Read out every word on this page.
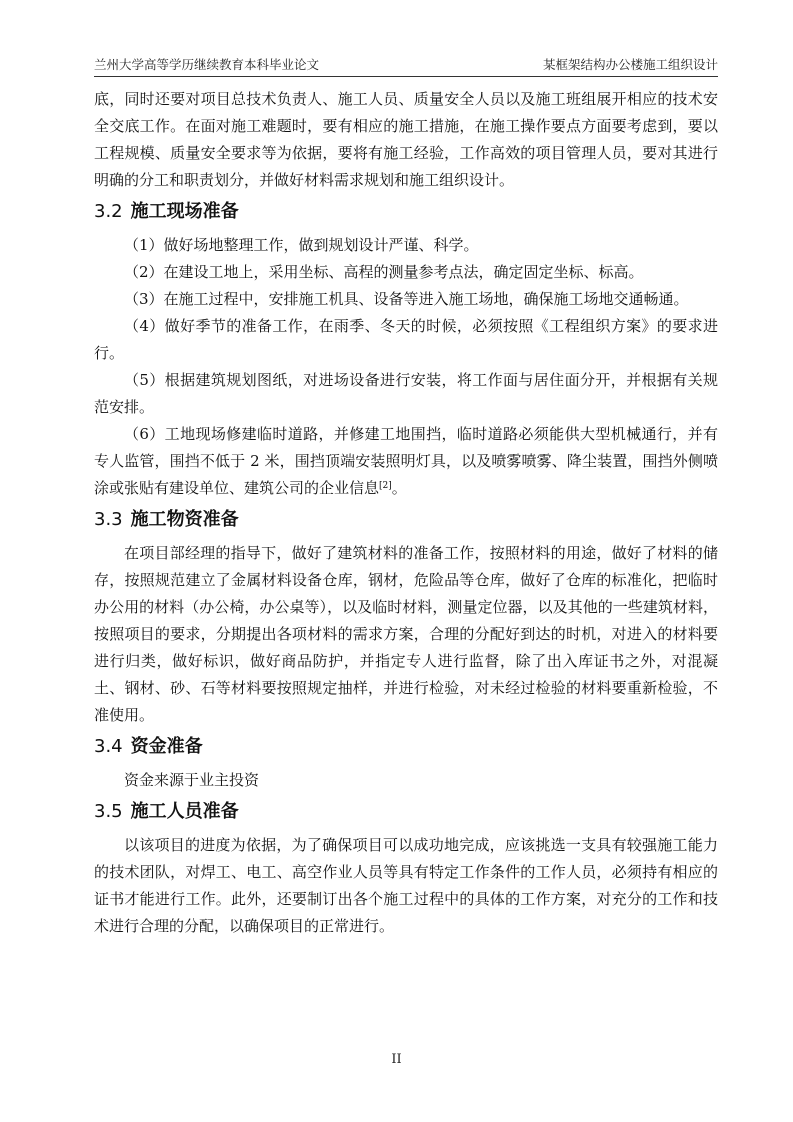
兰州大学高等学历继续教育本科毕业论文	某框架结构办公楼施工组织设计

底，同时还要对项目总技术负责人、施工人员、质量安全人员以及施工班组展开相应的技术安全交底工作。在面对施工难题时，要有相应的施工措施，在施工操作要点方面要考虑到，要以工程规模、质量安全要求等为依据，要将有施工经验，工作高效的项目管理人员，要对其进行明确的分工和职责划分，并做好材料需求规划和施工组织设计。

3.2 施工现场准备

（1）做好场地整理工作，做到规划设计严谨、科学。

（2）在建设工地上，采用坐标、高程的测量参考点法，确定固定坐标、标高。

（3）在施工过程中，安排施工机具、设备等进入施工场地，确保施工场地交通畅通。

（4）做好季节的准备工作，在雨季、冬天的时候，必须按照《工程组织方案》的要求进行。

（5）根据建筑规划图纸，对进场设备进行安装，将工作面与居住面分开，并根据有关规范安排。

（6）工地现场修建临时道路，并修建工地围挡，临时道路必须能供大型机械通行，并有专人监管，围挡不低于 2 米，围挡顶端安装照明灯具，以及喷雾喷雾、降尘装置，围挡外侧喷涂或张贴有建设单位、建筑公司的企业信息[2]。

3.3 施工物资准备

在项目部经理的指导下，做好了建筑材料的准备工作，按照材料的用途，做好了材料的储存，按照规范建立了金属材料设备仓库，钢材，危险品等仓库，做好了仓库的标准化，把临时办公用的材料（办公椅，办公桌等），以及临时材料，测量定位器，以及其他的一些建筑材料，按照项目的要求，分期提出各项材料的需求方案，合理的分配好到达的时机，对进入的材料要进行归类，做好标识，做好商品防护，并指定专人进行监督，除了出入库证书之外，对混凝土、钢材、砂、石等材料要按照规定抽样，并进行检验，对未经过检验的材料要重新检验，不准使用。

3.4 资金准备

资金来源于业主投资

3.5 施工人员准备

以该项目的进度为依据，为了确保项目可以成功地完成，应该挑选一支具有较强施工能力的技术团队，对焊工、电工、高空作业人员等具有特定工作条件的工作人员，必须持有相应的证书才能进行工作。此外，还要制订出各个施工过程中的具体的工作方案，对充分的工作和技术进行合理的分配，以确保项目的正常进行。

II
